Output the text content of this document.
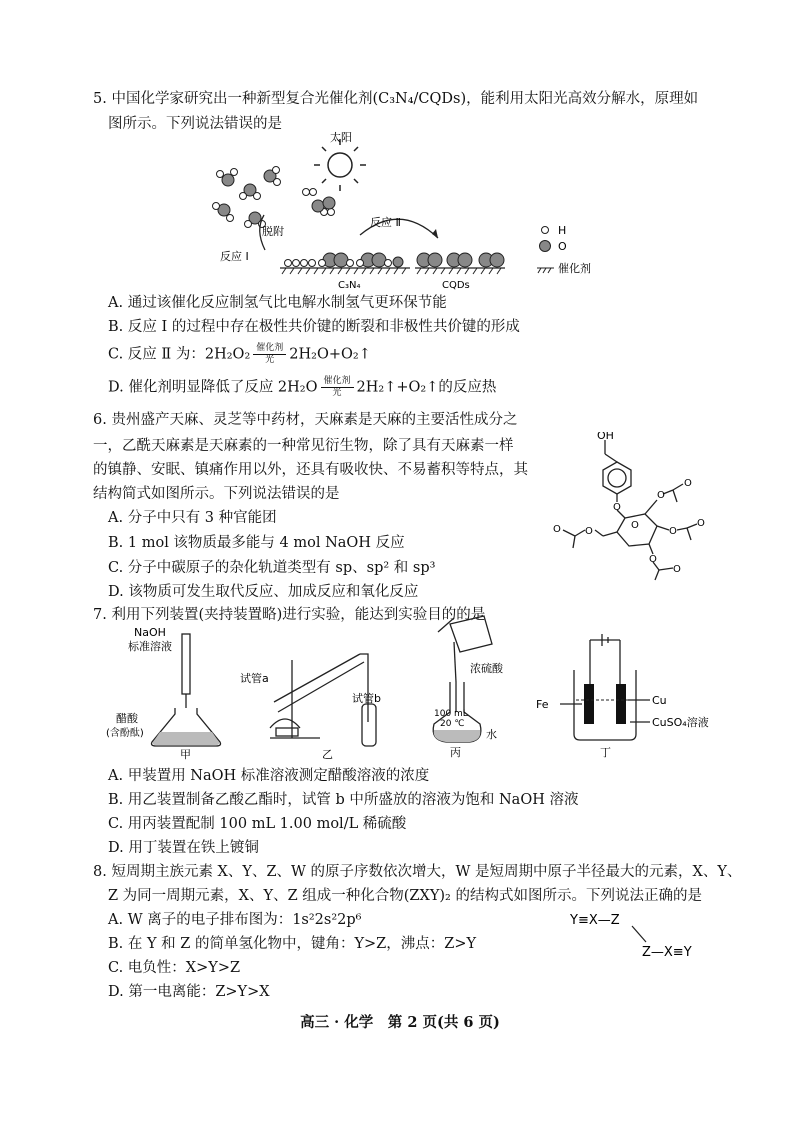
5. 中国化学家研究出一种新型复合光催化剂(C₃N₄/CQDs)，能利用太阳光高效分解水，原理如
图所示。下列说法错误的是
太阳
脱附
反应 Ⅰ
反应 Ⅱ
C₃N₄	CQDs
H
O
催化剂
A. 通过该催化反应制氢气比电解水制氢气更环保节能
B. 反应 Ⅰ 的过程中存在极性共价键的断裂和非极性共价键的形成
C. 反应 Ⅱ 为：$2H_2O_2 \frac{\text{催化剂}}{\text{光}}$ 2H₂O+O₂↑
D. 催化剂明显降低了反应 $2H_2O \frac{\text{催化剂}}{\text{光}}$ 2H₂↑+O₂↑的反应热
6. 贵州盛产天麻、灵芝等中药材，天麻素是天麻的主要活性成分之
一，乙酰天麻素是天麻素的一种常见衍生物，除了具有天麻素一样
的镇静、安眠、镇痛作用以外，还具有吸收快、不易蓄积等特点，其
结构简式如图所示。下列说法错误的是
A. 分子中只有 3 种官能团
B. 1 mol 该物质最多能与 4 mol NaOH 反应
C. 分子中碳原子的杂化轨道类型有 sp、sp² 和 sp³
D. 该物质可发生取代反应、加成反应和氧化反应
OH
O
O
O
O
O
O
O
O
O
O
7. 利用下列装置(夹持装置略)进行实验，能达到实验目的的是
NaOH
标准溶液
醋酸
(含酚酞)
甲
试管a
试管b
乙
浓硫酸
100 mL
20 ℃
水
丙
Fe	Cu
CuSO₄溶液
丁
A. 甲装置用 NaOH 标准溶液测定醋酸溶液的浓度
B. 用乙装置制备乙酸乙酯时，试管 b 中所盛放的溶液为饱和 NaOH 溶液
C. 用丙装置配制 100 mL 1.00 mol/L 稀硫酸
D. 用丁装置在铁上镀铜
8. 短周期主族元素 X、Y、Z、W 的原子序数依次增大，W 是短周期中原子半径最大的元素，X、Y、
Z 为同一周期元素，X、Y、Z 组成一种化合物(ZXY)₂ 的结构式如图所示。下列说法正确的是
A. W 离子的电子排布图为：1s²2s²2p⁶
B. 在 Y 和 Z 的简单氢化物中，键角：Y>Z，沸点：Z>Y
C. 电负性：X>Y>Z
D. 第一电离能：Z>Y>X
Y≡X—Z
Z—X≡Y
高三 · 化学　第 2 页(共 6 页)
